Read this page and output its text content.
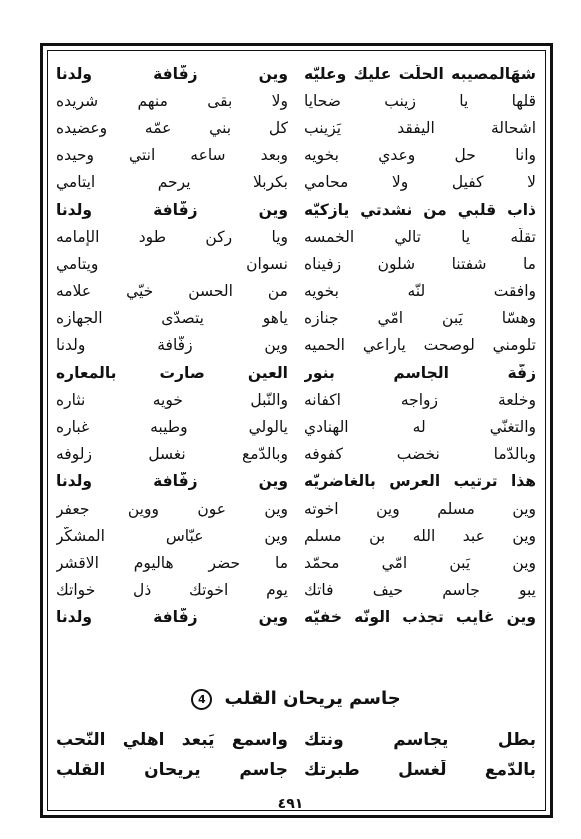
شهَالمصيبه الحلّت عليك وعليّه
وين زفّافة ولدنا
قلها يا زينب ضحايا
ولا بقى منهم شريده
اشحالة اليفقد يَزينب
كل بني عمّه وعضيده
وانا حل وعدي بخويه
وبعد ساعه انتي وحيده
لا كفيل ولا محامي
بكربلا يرحم ايتامي
ذاب قلبي من نشدتي يازكيّه
وين زفّافة ولدنا
تقلّه يا تالي الخمسه
ويا ركن طود الإمامه
ما شفتنا شلون زفيناه
نسوان ويتامي
وافقت لنّه بخويه
من الحسن خيّي علامه
وهسّا يَبن امّي جنازه
ياهو يتصدّى الجهازه
تلومني لوصحت ياراعي الحميه
وين زفّافة ولدنا
زفّة الجاسم بنور
العين صارت بالمعاره
وخلعة زواجه اكفانه
والنّبل خويه نثاره
والتغنّي له الهنادي
يالولي وطيبه غباره
وبالدّما نخضب كفوفه
وبالدّمع نغسل زلوفه
هذا ترتيب العرس بالغاضريّه
وين زفّافة ولدنا
وين مسلم وين اخوته
وين عون ووين جعفر
وين عبد الله بن مسلم
وين عبّاس المشكّر
وين يَبن امّي محمّد
ما حضر هاليوم الاقشر
يبو جاسم حيف فاتك
يوم اخوتك ذل خواتك
وين غايب تجذب الونّه خفيّه
وين زفّافة ولدنا
جاسم يريحان القلب 4
بطل يجاسم ونتك
واسمع يَبعد اهلي النّحب
بالدّمع لَغسل طبرتك
جاسم يريحان القلب
٤٩١
